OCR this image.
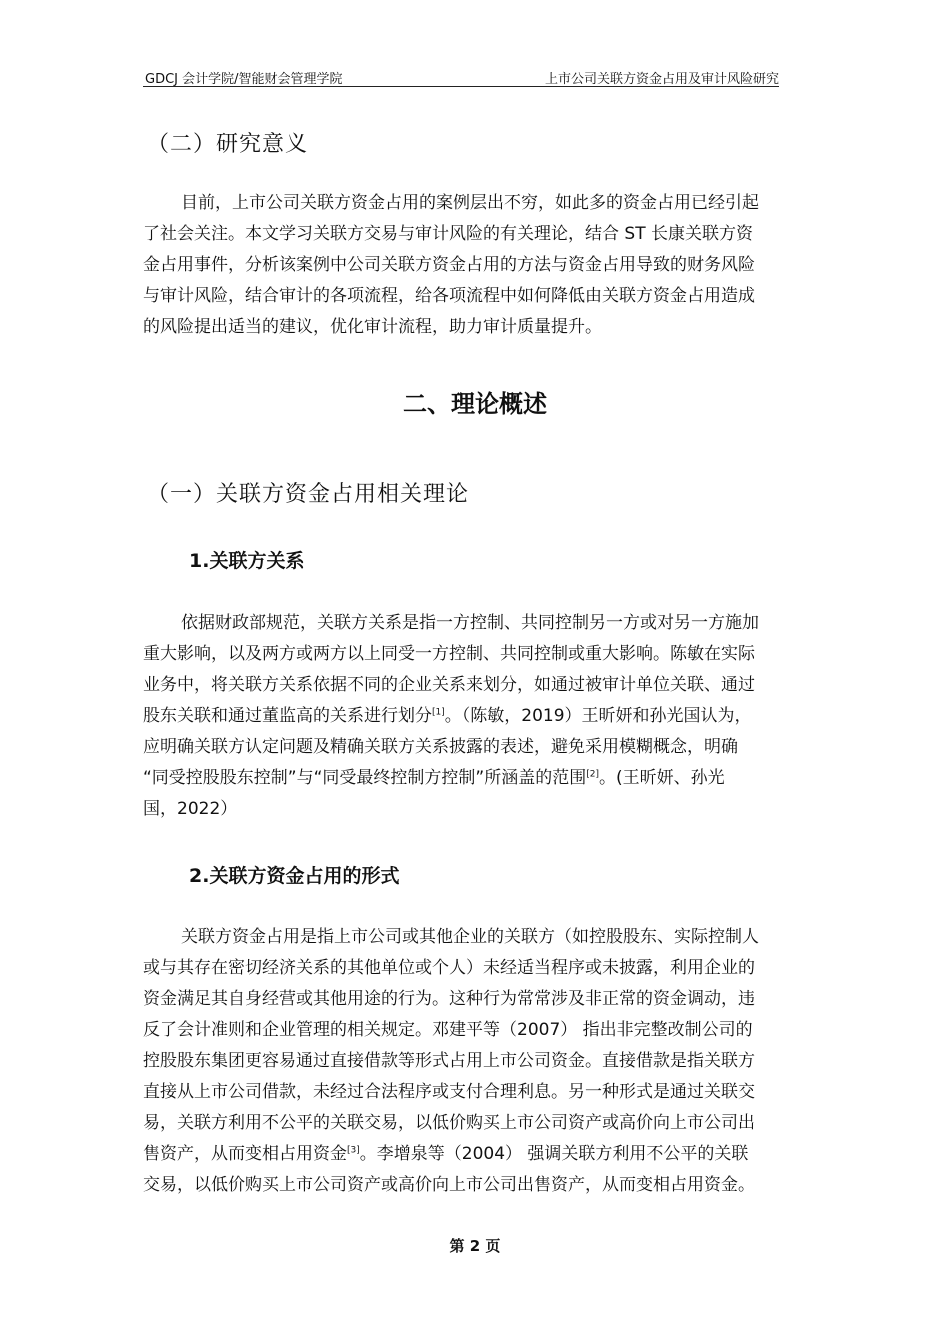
GDCJ 会计学院/智能财会管理学院	上市公司关联方资金占用及审计风险研究
（二）研究意义
目前，上市公司关联方资金占用的案例层出不穷，如此多的资金占用已经引起
了社会关注。本文学习关联方交易与审计风险的有关理论，结合 ST 长康关联方资
金占用事件，分析该案例中公司关联方资金占用的方法与资金占用导致的财务风险
与审计风险，结合审计的各项流程，给各项流程中如何降低由关联方资金占用造成
的风险提出适当的建议，优化审计流程，助力审计质量提升。
二、理论概述
（一）关联方资金占用相关理论
1.关联方关系
依据财政部规范，关联方关系是指一方控制、共同控制另一方或对另一方施加
重大影响，以及两方或两方以上同受一方控制、共同控制或重大影响。陈敏在实际
业务中，将关联方关系依据不同的企业关系来划分，如通过被审计单位关联、通过
股东关联和通过董监高的关系进行划分[1]。（陈敏，2019）王昕妍和孙光国认为，
应明确关联方认定问题及精确关联方关系披露的表述，避免采用模糊概念，明确
“同受控股股东控制”与“同受最终控制方控制”所涵盖的范围[2]。(王昕妍、孙光
国，2022）
2.关联方资金占用的形式
关联方资金占用是指上市公司或其他企业的关联方（如控股股东、实际控制人
或与其存在密切经济关系的其他单位或个人）未经适当程序或未披露，利用企业的
资金满足其自身经营或其他用途的行为。这种行为常常涉及非正常的资金调动，违
反了会计准则和企业管理的相关规定。邓建平等（2007） 指出非完整改制公司的
控股股东集团更容易通过直接借款等形式占用上市公司资金。直接借款是指关联方
直接从上市公司借款，未经过合法程序或支付合理利息。另一种形式是通过关联交
易，关联方利用不公平的关联交易，以低价购买上市公司资产或高价向上市公司出
售资产，从而变相占用资金[3]。李增泉等（2004） 强调关联方利用不公平的关联
交易，以低价购买上市公司资产或高价向上市公司出售资产，从而变相占用资金。
第 2 页
